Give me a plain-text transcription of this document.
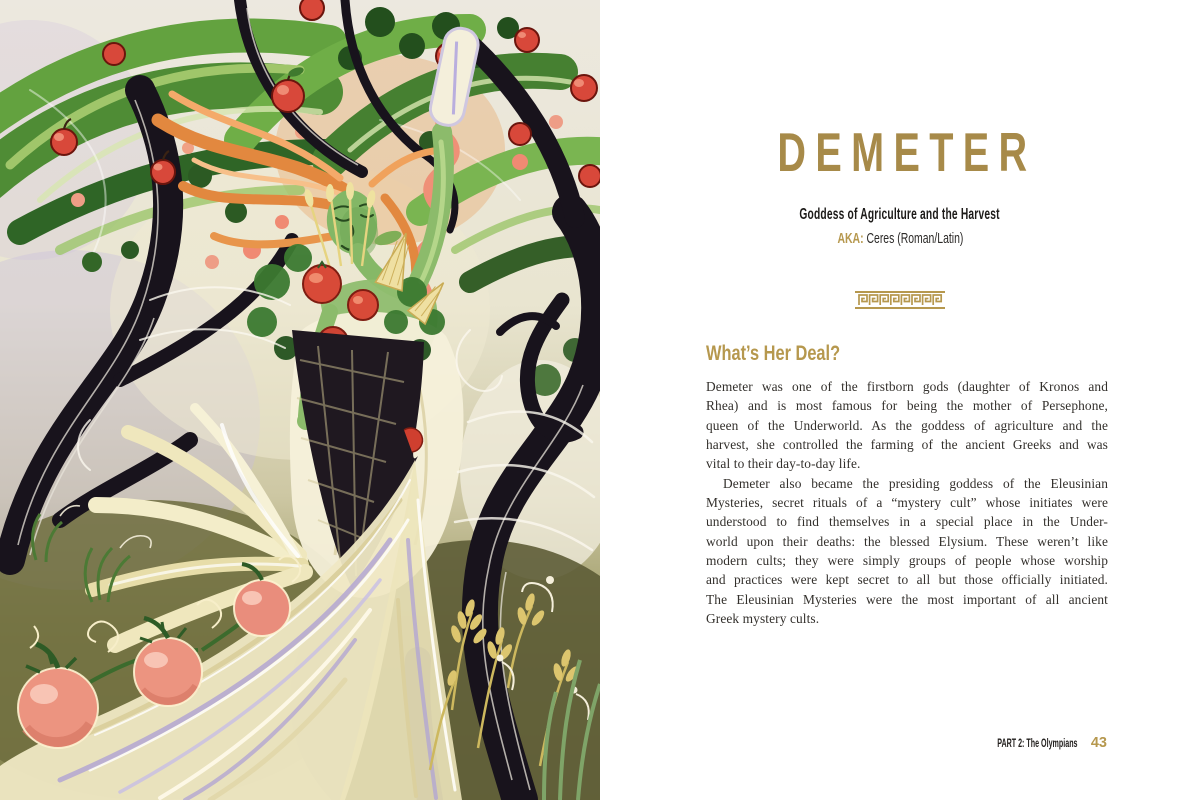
DEMETER
Goddess of Agriculture and the Harvest
AKA: Ceres (Roman/Latin)
What’s Her Deal?
Demeter was one of the firstborn gods (daughter of Kronos and
Rhea) and is most famous for being the mother of Persephone,
queen of the Underworld. As the goddess of agriculture and the
harvest, she controlled the farming of the ancient Greeks and was
vital to their day-to-day life.
Demeter also became the presiding goddess of the Eleusinian
Mysteries, secret rituals of a “mystery cult” whose initiates were
understood to find themselves in a special place in the Under-
world upon their deaths: the blessed Elysium. These weren’t like
modern cults; they were simply groups of people whose worship
and practices were kept secret to all but those officially initiated.
The Eleusinian Mysteries were the most important of all ancient
Greek mystery cults.
PART 2: The Olympians 43
